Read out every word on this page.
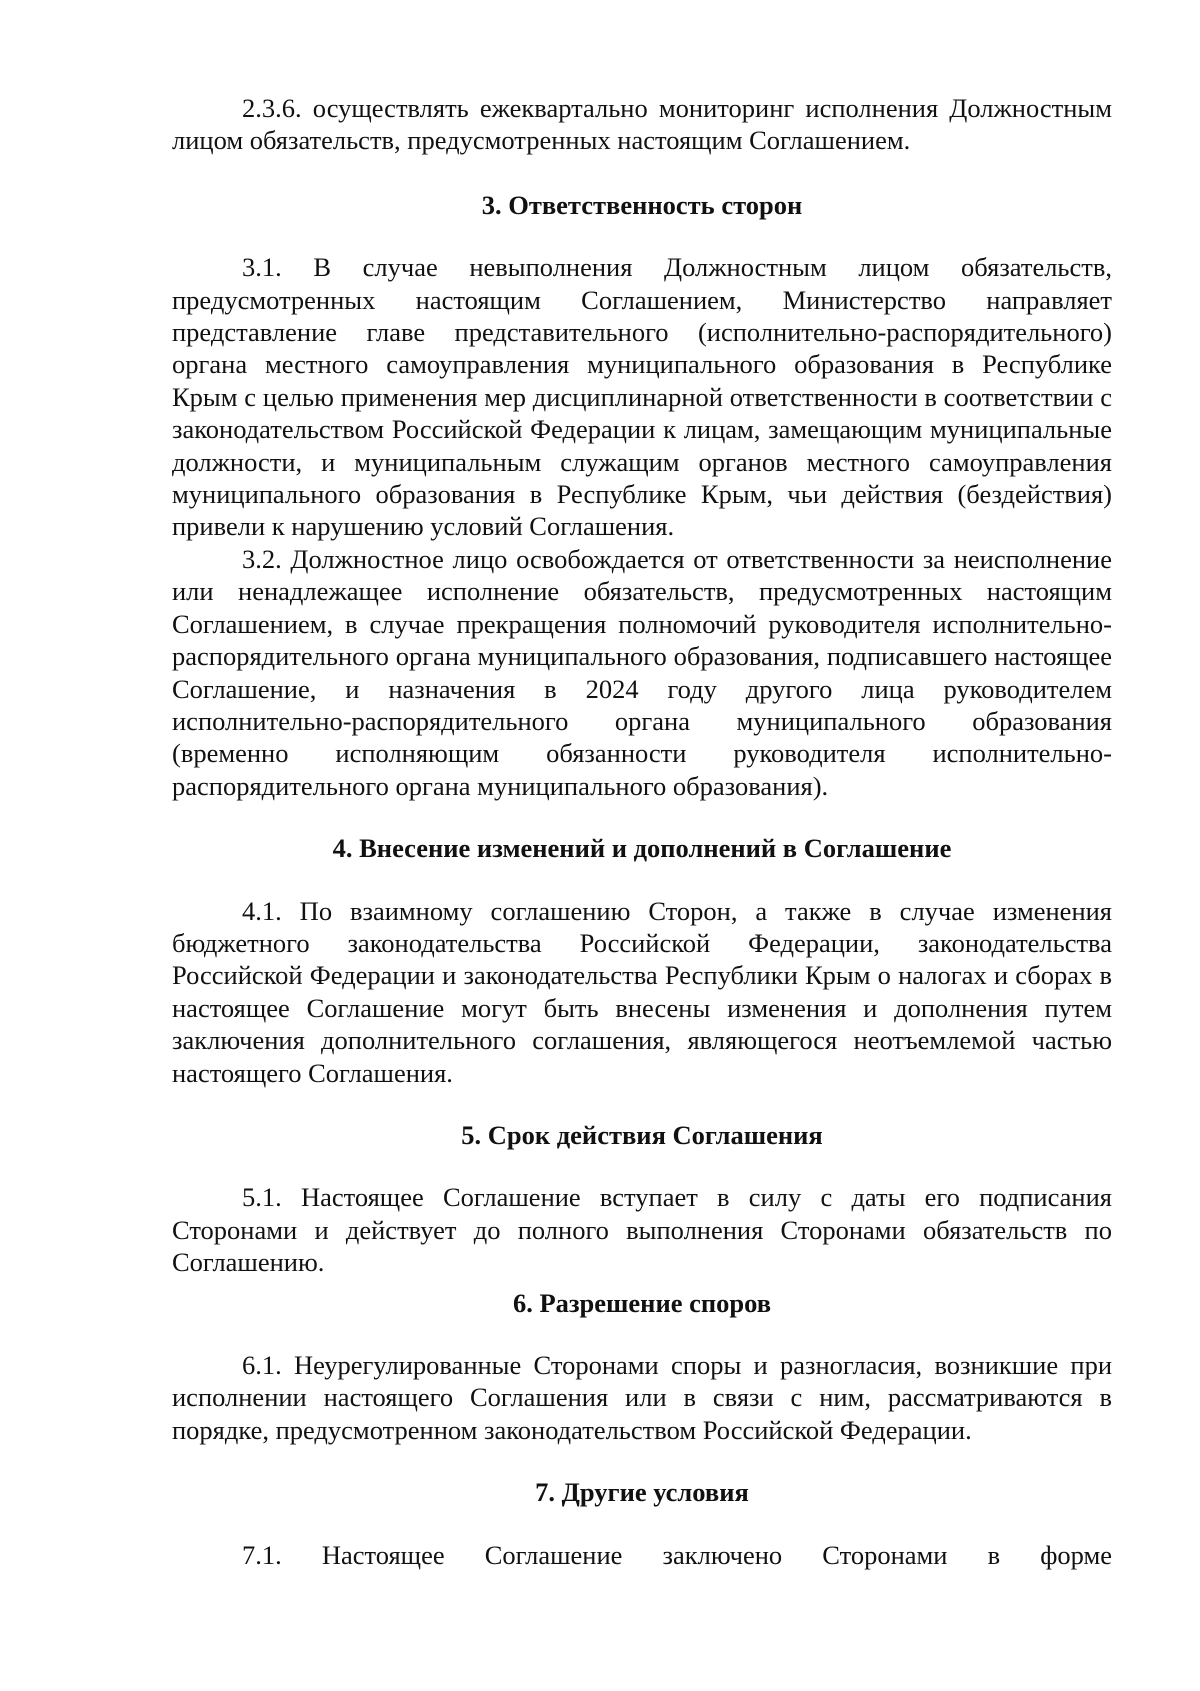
2.3.6. осуществлять ежеквартально мониторинг исполнения Должностным лицом обязательств, предусмотренных настоящим Соглашением.

3. Ответственность сторон

3.1. В случае невыполнения Должностным лицом обязательств, предусмотренных настоящим Соглашением, Министерство направляет представление главе представительного (исполнительно-распорядительного) органа местного самоуправления муниципального образования в Республике Крым с целью применения мер дисциплинарной ответственности в соответствии с законодательством Российской Федерации к лицам, замещающим муниципальные должности, и муниципальным служащим органов местного самоуправления муниципального образования в Республике Крым, чьи действия (бездействия) привели к нарушению условий Соглашения.

3.2. Должностное лицо освобождается от ответственности за неисполнение или ненадлежащее исполнение обязательств, предусмотренных настоящим Соглашением, в случае прекращения полномочий руководителя исполнительно-распорядительного органа муниципального образования, подписавшего настоящее Соглашение, и назначения в 2024 году другого лица руководителем исполнительно-распорядительного органа муниципального образования (временно исполняющим обязанности руководителя исполнительно-распорядительного органа муниципального образования).

4. Внесение изменений и дополнений в Соглашение

4.1. По взаимному соглашению Сторон, а также в случае изменения бюджетного законодательства Российской Федерации, законодательства Российской Федерации и законодательства Республики Крым о налогах и сборах в настоящее Соглашение могут быть внесены изменения и дополнения путем заключения дополнительного соглашения, являющегося неотъемлемой частью настоящего Соглашения.

5. Срок действия Соглашения

5.1. Настоящее Соглашение вступает в силу с даты его подписания Сторонами и действует до полного выполнения Сторонами обязательств по Соглашению.

6. Разрешение споров

6.1. Неурегулированные Сторонами споры и разногласия, возникшие при исполнении настоящего Соглашения или в связи с ним, рассматриваются в порядке, предусмотренном законодательством Российской Федерации.

7. Другие условия

7.1. Настоящее Соглашение заключено Сторонами в форме
